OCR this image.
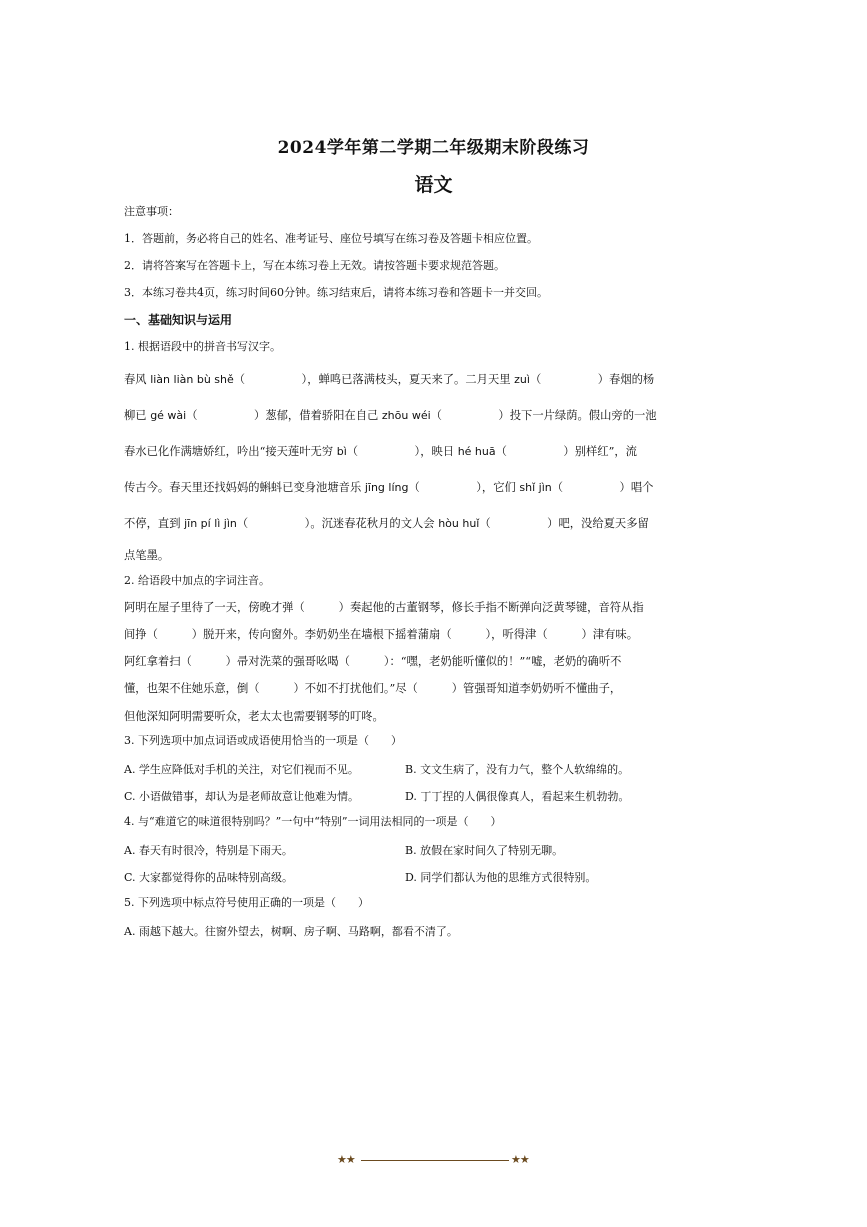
2024学年第二学期二年级期末阶段练习
语文
注意事项：
1．答题前，务必将自己的姓名、准考证号、座位号填写在练习卷及答题卡相应位置。
2．请将答案写在答题卡上，写在本练习卷上无效。请按答题卡要求规范答题。
3．本练习卷共4页，练习时间60分钟。练习结束后，请将本练习卷和答题卡一并交回。
一、基础知识与运用
1. 根据语段中的拼音书写汉字。
春风 liàn liàn bù shě（　　　　　），蝉鸣已落满枝头，夏天来了。二月天里 zuì（　　　　　）春烟的杨
柳已 gé wài（　　　　　）葱郁，借着骄阳在自己 zhōu wéi（　　　　　）投下一片绿荫。假山旁的一池
春水已化作满塘娇红，吟出“接天莲叶无穷 bì（　　　　　），映日 hé huā（　　　　　）别样红”，流
传古今。春天里还找妈妈的蝌蚪已变身池塘音乐 jīng líng（　　　　　），它们 shǐ jìn（　　　　　）唱个
不停，直到 jīn pí lì jìn（　　　　　）。沉迷春花秋月的文人会 hòu huǐ（　　　　　）吧，没给夏天多留
点笔墨。
2. 给语段中加点的字词注音。
阿明在屋子里待了一天，傍晚才弹（　　　）奏起他的古董钢琴，修长手指不断弹向泛黄琴键，音符从指
间挣（　　　）脱开来，传向窗外。李奶奶坐在墙根下摇着蒲扇（　　　），听得津（　　　）津有味。
阿红拿着扫（　　　）帚对洗菜的强哥吆喝（　　　）：“嘿，老奶能听懂似的！”“嘘，老奶的确听不
懂，也架不住她乐意，倒（　　　）不如不打扰他们。”尽（　　　）管强哥知道李奶奶听不懂曲子，
但他深知阿明需要听众，老太太也需要钢琴的叮咚。
3. 下列选项中加点词语或成语使用恰当的一项是（　　）
A. 学生应降低对手机的关注，对它们视而不见。	B. 文文生病了，没有力气，整个人软绵绵的。
C. 小语做错事，却认为是老师故意让他难为情。	D. 丁丁捏的人偶很像真人，看起来生机勃勃。
4. 与“难道它的味道很特别吗？”一句中“特别”一词用法相同的一项是（　　）
A. 春天有时很冷，特别是下雨天。	B. 放假在家时间久了特别无聊。
C. 大家都觉得你的品味特别高级。	D. 同学们都认为他的思维方式很特别。
5. 下列选项中标点符号使用正确的一项是（　　）
A. 雨越下越大。往窗外望去，树啊、房子啊、马路啊，都看不清了。
★★	★★
